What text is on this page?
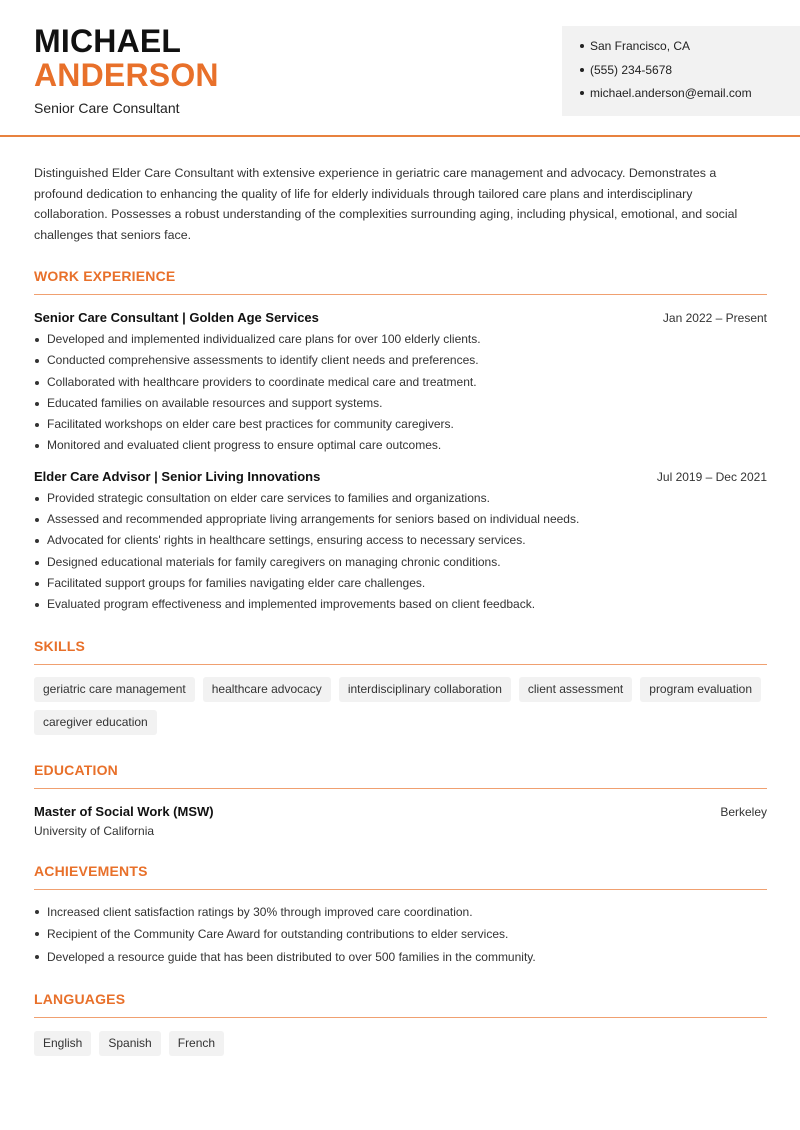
MICHAEL
ANDERSON
Senior Care Consultant
San Francisco, CA
(555) 234-5678
michael.anderson@email.com

Distinguished Elder Care Consultant with extensive experience in geriatric care management and advocacy. Demonstrates a profound dedication to enhancing the quality of life for elderly individuals through tailored care plans and interdisciplinary collaboration. Possesses a robust understanding of the complexities surrounding aging, including physical, emotional, and social challenges that seniors face.

WORK EXPERIENCE
Senior Care Consultant | Golden Age Services	Jan 2022 – Present
Developed and implemented individualized care plans for over 100 elderly clients.
Conducted comprehensive assessments to identify client needs and preferences.
Collaborated with healthcare providers to coordinate medical care and treatment.
Educated families on available resources and support systems.
Facilitated workshops on elder care best practices for community caregivers.
Monitored and evaluated client progress to ensure optimal care outcomes.
Elder Care Advisor | Senior Living Innovations	Jul 2019 – Dec 2021
Provided strategic consultation on elder care services to families and organizations.
Assessed and recommended appropriate living arrangements for seniors based on individual needs.
Advocated for clients' rights in healthcare settings, ensuring access to necessary services.
Designed educational materials for family caregivers on managing chronic conditions.
Facilitated support groups for families navigating elder care challenges.
Evaluated program effectiveness and implemented improvements based on client feedback.
SKILLS
geriatric care management	healthcare advocacy	interdisciplinary collaboration	client assessment	program evaluation
caregiver education
EDUCATION
Master of Social Work (MSW)	Berkeley
University of California
ACHIEVEMENTS
Increased client satisfaction ratings by 30% through improved care coordination.
Recipient of the Community Care Award for outstanding contributions to elder services.
Developed a resource guide that has been distributed to over 500 families in the community.
LANGUAGES
English	Spanish	French
